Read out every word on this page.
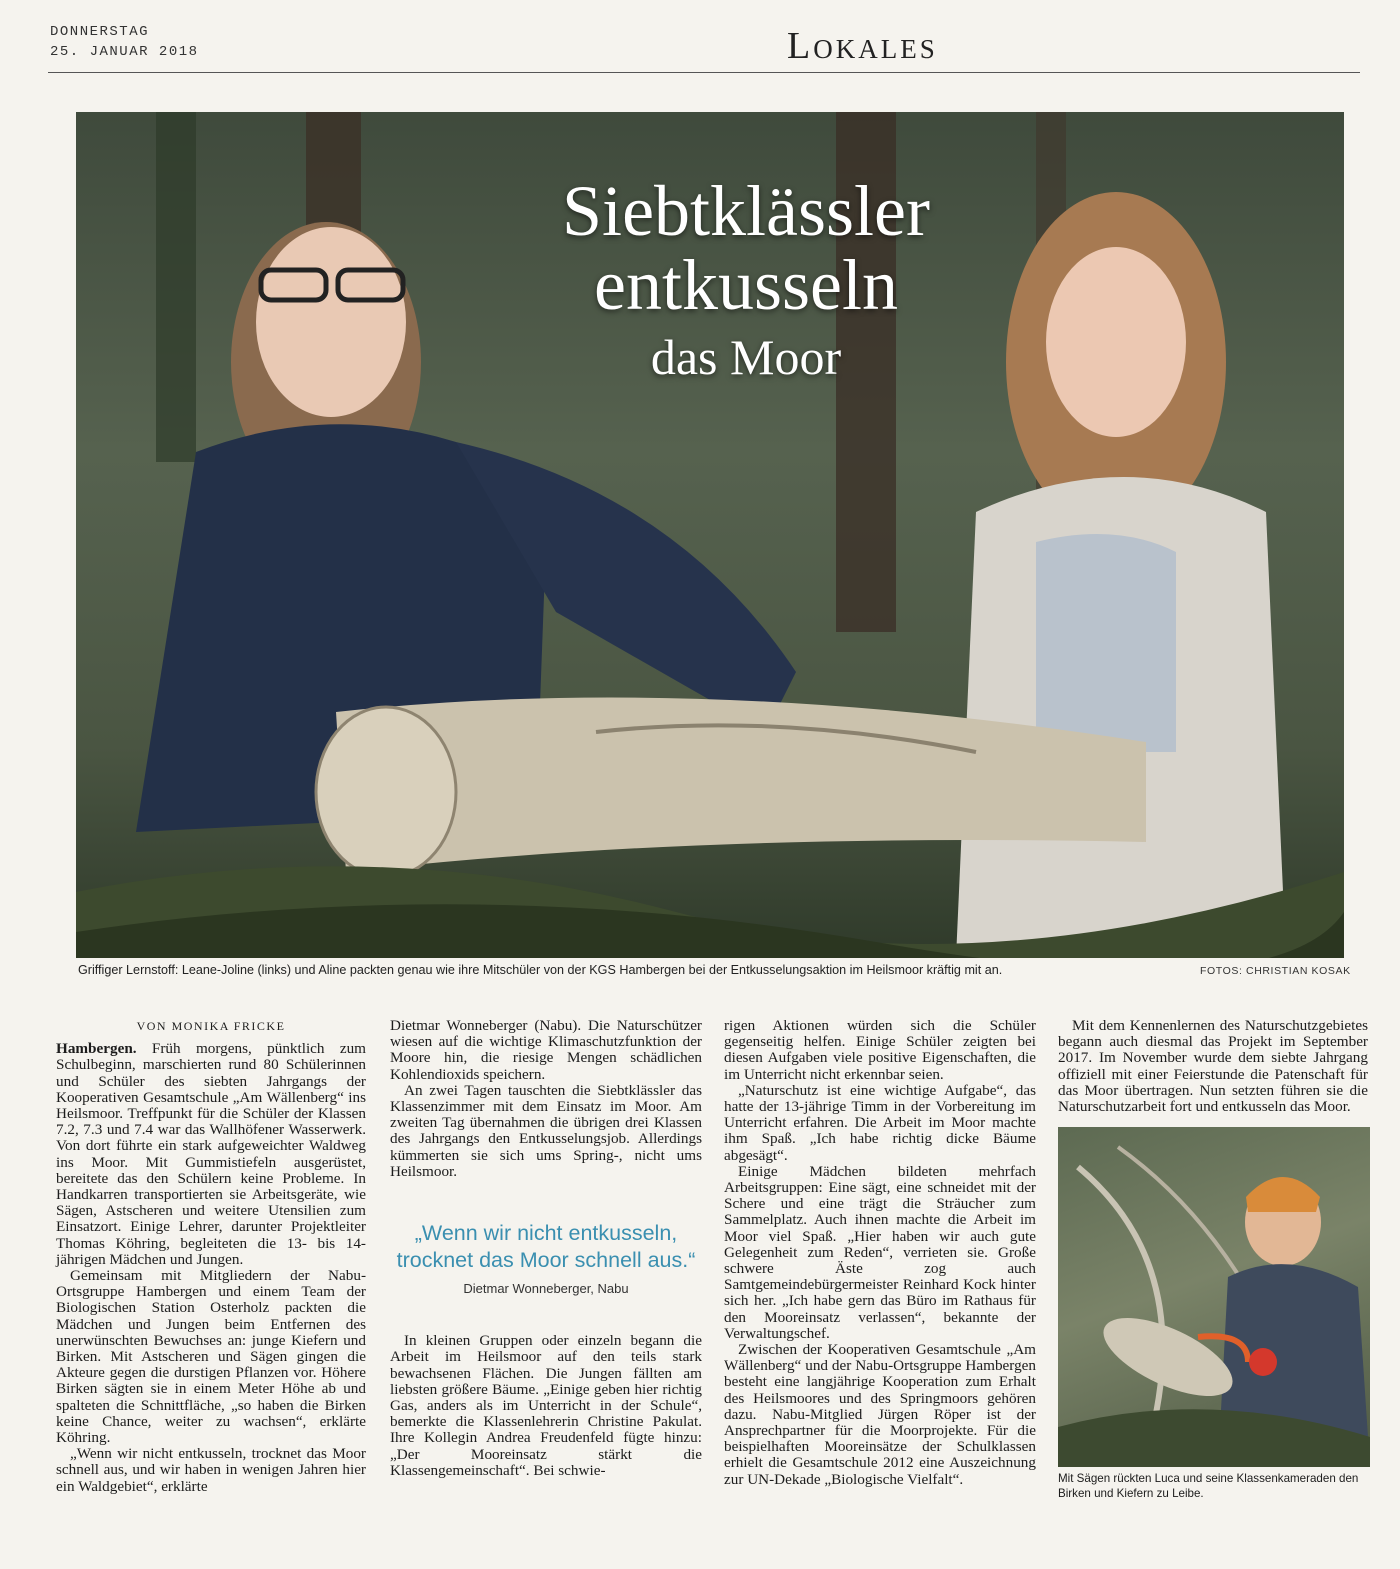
DONNERSTAG
25. JANUAR 2018	Lokales
Siebtklässler
entkusseln
das Moor
Griffiger Lernstoff: Leane-Joline (links) und Aline packten genau wie ihre Mitschüler von der KGS Hambergen bei der Entkusselungsaktion im Heilsmoor kräftig mit an.	FOTOS: CHRISTIAN KOSAK
VON MONIKA FRICKE

Hambergen. Früh morgens, pünktlich zum Schulbeginn, marschierten rund 80 Schülerinnen und Schüler des siebten Jahrgangs der Kooperativen Gesamtschule „Am Wällenberg“ ins Heilsmoor. Treffpunkt für die Schüler der Klassen 7.2, 7.3 und 7.4 war das Wallhöfener Wasserwerk. Von dort führte ein stark aufgeweichter Waldweg ins Moor. Mit Gummistiefeln ausgerüstet, bereitete das den Schülern keine Probleme. In Handkarren transportierten sie Arbeitsgeräte, wie Sägen, Astscheren und weitere Utensilien zum Einsatzort. Einige Lehrer, darunter Projektleiter Thomas Köhring, begleiteten die 13- bis 14-jährigen Mädchen und Jungen.

Gemeinsam mit Mitgliedern der Nabu-Ortsgruppe Hambergen und einem Team der Biologischen Station Osterholz packten die Mädchen und Jungen beim Entfernen des unerwünschten Bewuchses an: junge Kiefern und Birken. Mit Astscheren und Sägen gingen die Akteure gegen die durstigen Pflanzen vor. Höhere Birken sägten sie in einem Meter Höhe ab und spalteten die Schnittfläche, „so haben die Birken keine Chance, weiter zu wachsen“, erklärte Köhring.

„Wenn wir nicht entkusseln, trocknet das Moor schnell aus, und wir haben in wenigen Jahren hier ein Waldgebiet“, erklärte

Dietmar Wonneberger (Nabu). Die Naturschützer wiesen auf die wichtige Klimaschutzfunktion der Moore hin, die riesige Mengen schädlichen Kohlendioxids speichern.

An zwei Tagen tauschten die Siebtklässler das Klassenzimmer mit dem Einsatz im Moor. Am zweiten Tag übernahmen die übrigen drei Klassen des Jahrgangs den Entkusselungsjob. Allerdings kümmerten sie sich ums Spring-, nicht ums Heilsmoor.

„Wenn wir nicht entkusseln, trocknet das Moor schnell aus.“
Dietmar Wonneberger, Nabu

In kleinen Gruppen oder einzeln begann die Arbeit im Heilsmoor auf den teils stark bewachsenen Flächen. Die Jungen fällten am liebsten größere Bäume. „Einige geben hier richtig Gas, anders als im Unterricht in der Schule“, bemerkte die Klassenlehrerin Christine Pakulat. Ihre Kollegin Andrea Freudenfeld fügte hinzu: „Der Mooreinsatz stärkt die Klassengemeinschaft“. Bei schwie-

rigen Aktionen würden sich die Schüler gegenseitig helfen. Einige Schüler zeigten bei diesen Aufgaben viele positive Eigenschaften, die im Unterricht nicht erkennbar seien.

„Naturschutz ist eine wichtige Aufgabe“, das hatte der 13-jährige Timm in der Vorbereitung im Unterricht erfahren. Die Arbeit im Moor machte ihm Spaß. „Ich habe richtig dicke Bäume abgesägt“.

Einige Mädchen bildeten mehrfach Arbeitsgruppen: Eine sägt, eine schneidet mit der Schere und eine trägt die Sträucher zum Sammelplatz. Auch ihnen machte die Arbeit im Moor viel Spaß. „Hier haben wir auch gute Gelegenheit zum Reden“, verrieten sie. Große schwere Äste zog auch Samtgemeindebürgermeister Reinhard Kock hinter sich her. „Ich habe gern das Büro im Rathaus für den Mooreinsatz verlassen“, bekannte der Verwaltungschef.

Zwischen der Kooperativen Gesamtschule „Am Wällenberg“ und der Nabu-Ortsgruppe Hambergen besteht eine langjährige Kooperation zum Erhalt des Heilsmoores und des Springmoors gehören dazu. Nabu-Mitglied Jürgen Röper ist der Ansprechpartner für die Moorprojekte. Für die beispielhaften Mooreinsätze der Schulklassen erhielt die Gesamtschule 2012 eine Auszeichnung zur UN-Dekade „Biologische Vielfalt“.

Mit dem Kennenlernen des Naturschutzgebietes begann auch diesmal das Projekt im September 2017. Im November wurde dem siebte Jahrgang offiziell mit einer Feierstunde die Patenschaft für das Moor übertragen. Nun setzten führen sie die Naturschutzarbeit fort und entkusseln das Moor.

Mit Sägen rückten Luca und seine Klassenkameraden den Birken und Kiefern zu Leibe.
